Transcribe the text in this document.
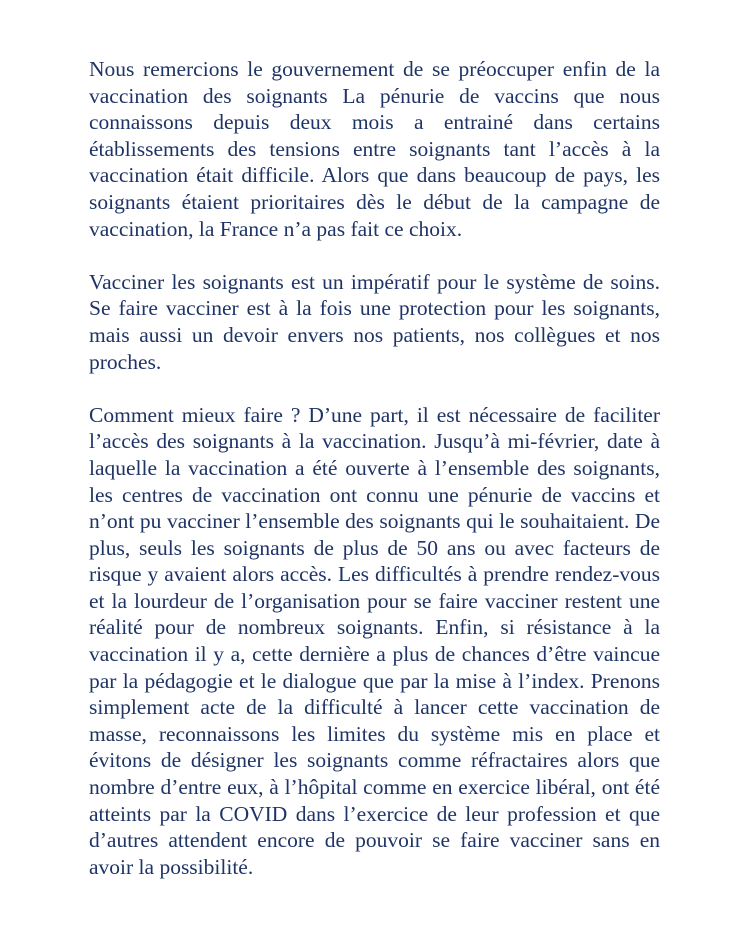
Nous remercions le gouvernement de se préoccuper enfin de la vaccination des soignants La pénurie de vaccins que nous connaissons depuis deux mois a entrainé dans certains établissements des tensions entre soignants tant l’accès à la vaccination était difficile. Alors que dans beaucoup de pays, les soignants étaient prioritaires dès le début de la campagne de vaccination, la France n’a pas fait ce choix.

Vacciner les soignants est un impératif pour le système de soins. Se faire vacciner est à la fois une protection pour les soignants, mais aussi un devoir envers nos patients, nos collègues et nos proches.

Comment mieux faire ? D’une part, il est nécessaire de faciliter l’accès des soignants à la vaccination. Jusqu’à mi-février, date à laquelle la vaccination a été ouverte à l’ensemble des soignants, les centres de vaccination ont connu une pénurie de vaccins et n’ont pu vacciner l’ensemble des soignants qui le souhaitaient. De plus, seuls les soignants de plus de 50 ans ou avec facteurs de risque y avaient alors accès. Les difficultés à prendre rendez-vous et la lourdeur de l’organisation pour se faire vacciner restent une réalité pour de nombreux soignants. Enfin, si résistance à la vaccination il y a, cette dernière a plus de chances d’être vaincue par la pédagogie et le dialogue que par la mise à l’index. Prenons simplement acte de la difficulté à lancer cette vaccination de masse, reconnaissons les limites du système mis en place et évitons de désigner les soignants comme réfractaires alors que nombre d’entre eux, à l’hôpital comme en exercice libéral, ont été atteints par la COVID dans l’exercice de leur profession et que d’autres attendent encore de pouvoir se faire vacciner sans en avoir la possibilité.
